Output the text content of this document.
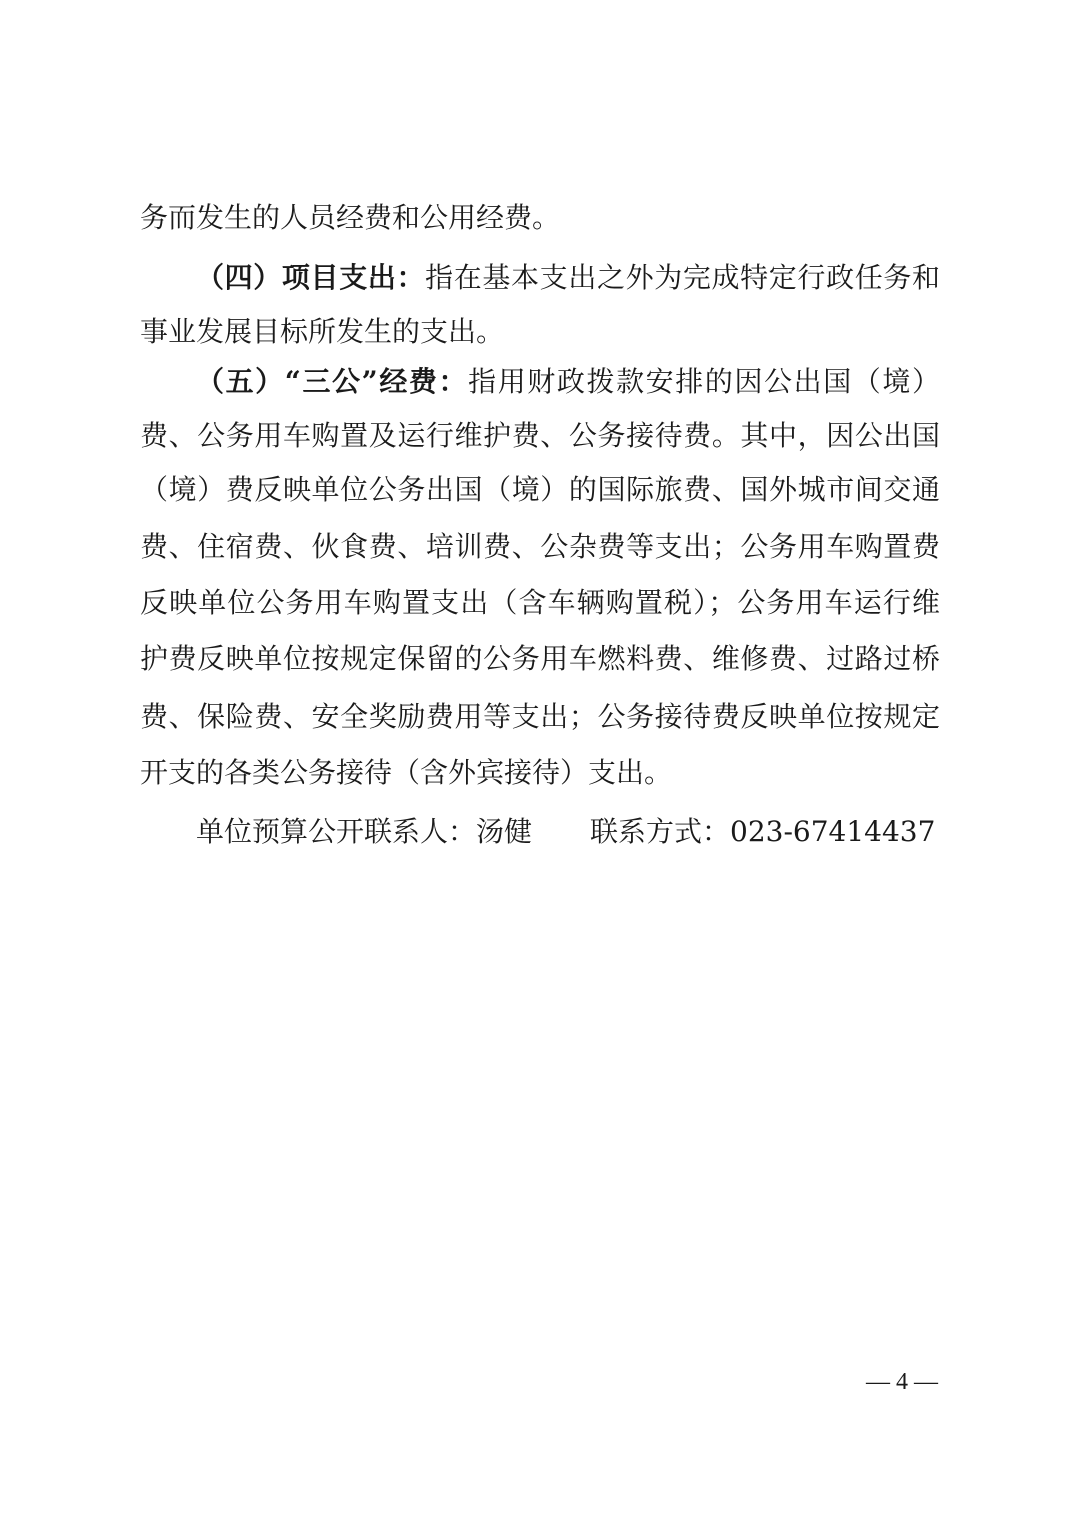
务而发生的人员经费和公用经费。
（四）项目支出：指在基本支出之外为完成特定行政任务和
事业发展目标所发生的支出。
（五）“三公”经费：指用财政拨款安排的因公出国（境）
费、公务用车购置及运行维护费、公务接待费。其中，因公出国
（境）费反映单位公务出国（境）的国际旅费、国外城市间交通
费、住宿费、伙食费、培训费、公杂费等支出；公务用车购置费
反映单位公务用车购置支出（含车辆购置税）；公务用车运行维
护费反映单位按规定保留的公务用车燃料费、维修费、过路过桥
费、保险费、安全奖励费用等支出；公务接待费反映单位按规定
开支的各类公务接待（含外宾接待）支出。
单位预算公开联系人：汤健 联系方式：023-67414437
— 4 —
